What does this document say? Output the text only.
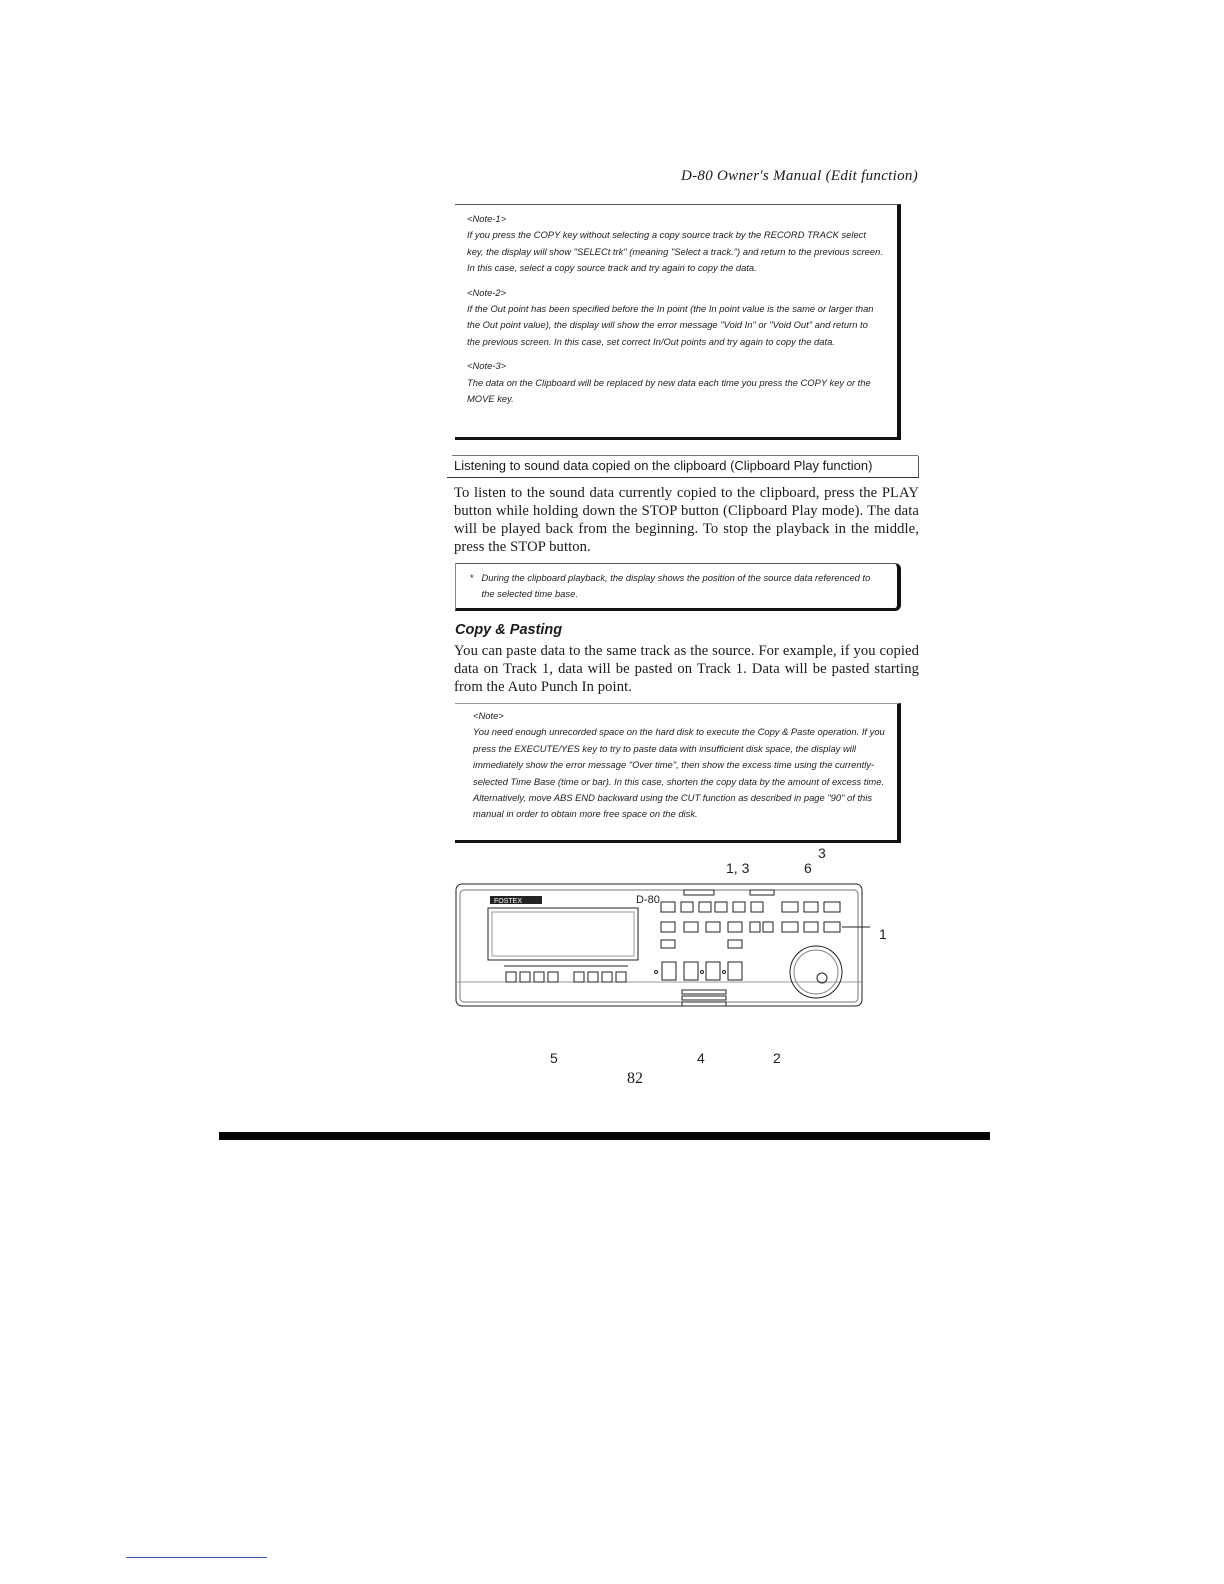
D-80 Owner's Manual (Edit function)
<Note-1>
If you press the COPY key without selecting a copy source track by the RECORD TRACK select key, the display will show "SELECt trk" (meaning "Select a track.") and return to the previous screen. In this case, select a copy source track and try again to copy the data.
<Note-2>
If the Out point has been specified before the In point (the In point value is the same or larger than the Out point value), the display will show the error message "Void In" or "Void Out" and return to the previous screen. In this case, set correct In/Out points and try again to copy the data.
<Note-3>
The data on the Clipboard will be replaced by new data each time you press the COPY key or the MOVE key.
Listening to sound data copied on the clipboard (Clipboard Play function)
To listen to the sound data currently copied to the clipboard, press the PLAY button while holding down the STOP button (Clipboard Play mode). The data will be played back from the beginning. To stop the playback in the middle, press the STOP button.
* During the clipboard playback, the display shows the position of the source data referenced to the selected time base.
Copy & Pasting
You can paste data to the same track as the source. For example, if you copied data on Track 1, data will be pasted on Track 1. Data will be pasted starting from the Auto Punch In point.
<Note>
You need enough unrecorded space on the hard disk to execute the Copy & Paste operation. If you press the EXECUTE/YES key to try to paste data with insufficient disk space, the display will immediately show the error message "Over time", then show the excess time using the currently-selected Time Base (time or bar). In this case, shorten the copy data by the amount of excess time. Alternatively, move ABS END backward using the CUT function as described in page "90" of this manual in order to obtain more free space on the disk.
3
1, 3	6
1
5	4	2
FOSTEX	D-80
82
